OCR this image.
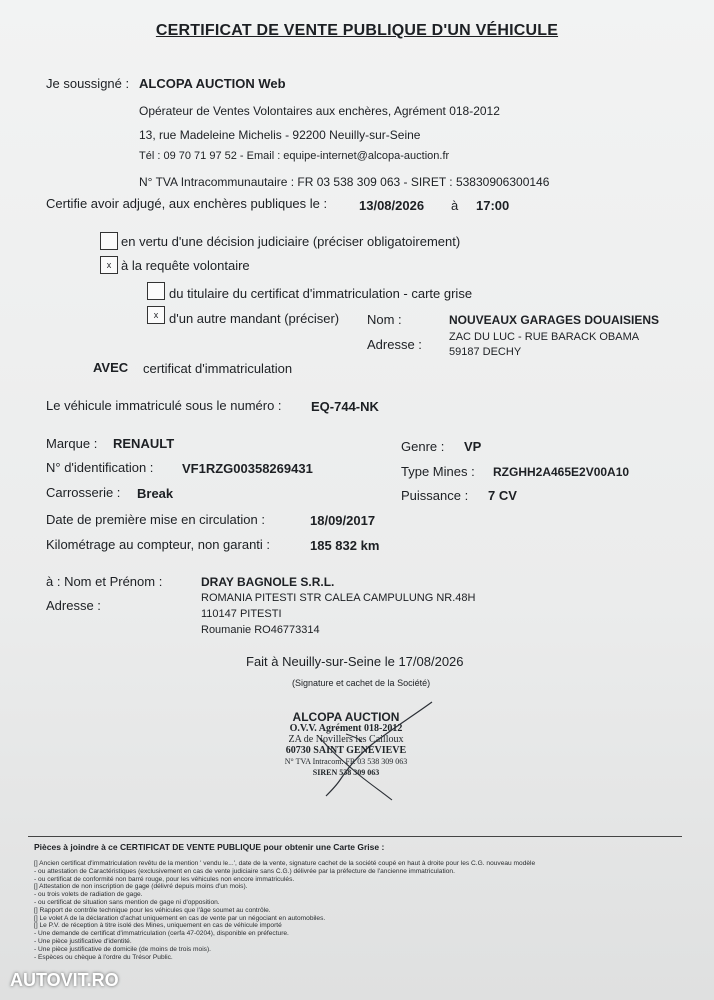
CERTIFICAT DE VENTE PUBLIQUE D'UN VÉHICULE
Je soussigné : ALCOPA AUCTION Web
Opérateur de Ventes Volontaires aux enchères, Agrément 018-2012
13, rue Madeleine Michelis - 92200 Neuilly-sur-Seine
Tél : 09 70 71 97 52 - Email : equipe-internet@alcopa-auction.fr
N° TVA Intracommunautaire : FR 03 538 309 063 - SIRET : 53830906300146
Certifie avoir adjugé, aux enchères publiques le : 13/08/2026 à 17:00
en vertu d'une décision judiciaire (préciser obligatoirement)
x à la requête volontaire
du titulaire du certificat d'immatriculation - carte grise
x d'un autre mandant (préciser) Nom :	NOUVEAUX GARAGES DOUAISIENS
Adresse : ZAC DU LUC - RUE BARACK OBAMA
59187 DECHY
AVEC certificat d'immatriculation
Le véhicule immatriculé sous le numéro : EQ-744-NK
Marque : RENAULT	Genre : VP
N° d'identification : VF1RZG00358269431	Type Mines : RZGHH2A465E2V00A10
Carrosserie : Break	Puissance : 7 CV
Date de première mise en circulation :	18/09/2017
Kilométrage au compteur, non garanti :	185 832 km
à : Nom et Prénom :	DRAY BAGNOLE S.R.L.
Adresse :	ROMANIA PITESTI STR CALEA CAMPULUNG NR.48H
110147 PITESTI
Roumanie RO46773314
Fait à Neuilly-sur-Seine le 17/08/2026
(Signature et cachet de la Société)
ALCOPA AUCTION
O.V.V. Agrément 018-2012
ZA de Novillers les Cailloux
60730 SAINT GENEVIEVE
N° TVA Intracom. FR 03 538 309 063
SIREN 538 309 063
Pièces à joindre à ce CERTIFICAT DE VENTE PUBLIQUE pour obtenir une Carte Grise :
[] Ancien certificat d'immatriculation revêtu de la mention ' vendu le...', date de la vente, signature cachet de la société coupé en haut à droite pour les C.G. nouveau modèle
- ou attestation de Caractéristiques (exclusivement en cas de vente judiciaire sans C.G.) délivrée par la préfecture de l'ancienne immatriculation.
- ou certificat de conformité non barré rouge, pour les véhicules non encore immatriculés.
[] Attestation de non inscription de gage (délivré depuis moins d'un mois).
- ou trois volets de radiation de gage.
- ou certificat de situation sans mention de gage ni d'opposition.
[] Rapport de contrôle technique pour les véhicules que l'âge soumet au contrôle.
[] Le volet A de la déclaration d'achat uniquement en cas de vente par un négociant en automobiles.
[] Le P.V. de réception à titre isolé des Mines, uniquement en cas de véhicule importé
- Une demande de certificat d'immatriculation (cerfa 47-0204), disponible en préfecture.
- Une pièce justificative d'identité.
- Une pièce justificative de domicile (de moins de trois mois).
- Espèces ou chèque à l'ordre du Trésor Public.
AUTOVIT.RO
